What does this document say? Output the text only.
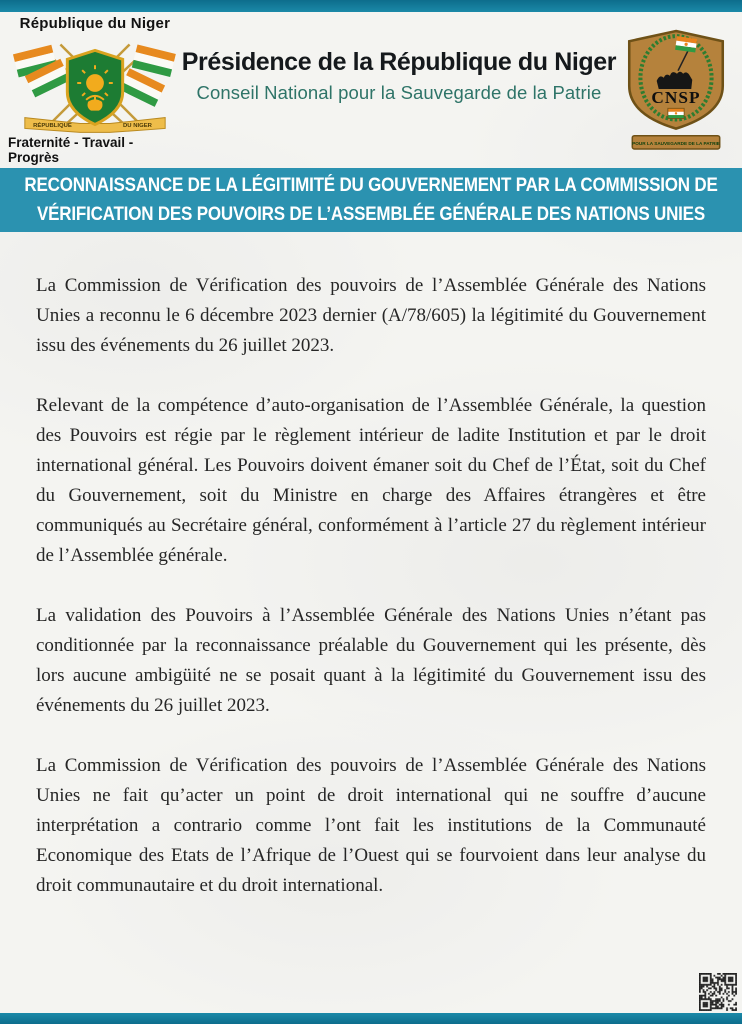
République du Niger
RÉPUBLIQUE	DU NIGER
Fraternité - Travail - Progrès
Présidence de la République du Niger
Conseil National pour la Sauvegarde de la Patrie	CNSP
POUR LA SAUVEGARDE DE LA PATRIE
RECONNAISSANCE DE LA LÉGITIMITÉ DU GOUVERNEMENT PAR LA COMMISSION DE VÉRIFICATION DES POUVOIRS DE L’ASSEMBLÉE GÉNÉRALE DES NATIONS UNIES

La Commission de Vérification des pouvoirs de l’Assemblée Générale des Nations Unies a reconnu le 6 décembre 2023 dernier (A/78/605) la légitimité du Gouvernement issu des événements du 26 juillet 2023.

Relevant de la compétence d’auto-organisation de l’Assemblée Générale, la question des Pouvoirs est régie par le règlement intérieur de ladite Institution et par le droit international général. Les Pouvoirs doivent émaner soit du Chef de l’État, soit du Chef du Gouvernement, soit du Ministre en charge des Affaires étrangères et être communiqués au Secrétaire général, conformément à l’article 27 du règlement intérieur de l’Assemblée générale.

La validation des Pouvoirs à l’Assemblée Générale des Nations Unies n’étant pas conditionnée par la reconnaissance préalable du Gouvernement qui les présente, dès lors aucune ambigüité ne se posait quant à la légitimité du Gouvernement issu des événements du 26 juillet 2023.

La Commission de Vérification des pouvoirs de l’Assemblée Générale des Nations Unies ne fait qu’acter un point de droit international qui ne souffre d’aucune interprétation a contrario comme l’ont fait les institutions de la Communauté Economique des Etats de l’Afrique de l’Ouest qui se fourvoient dans leur analyse du droit communautaire et du droit international.
